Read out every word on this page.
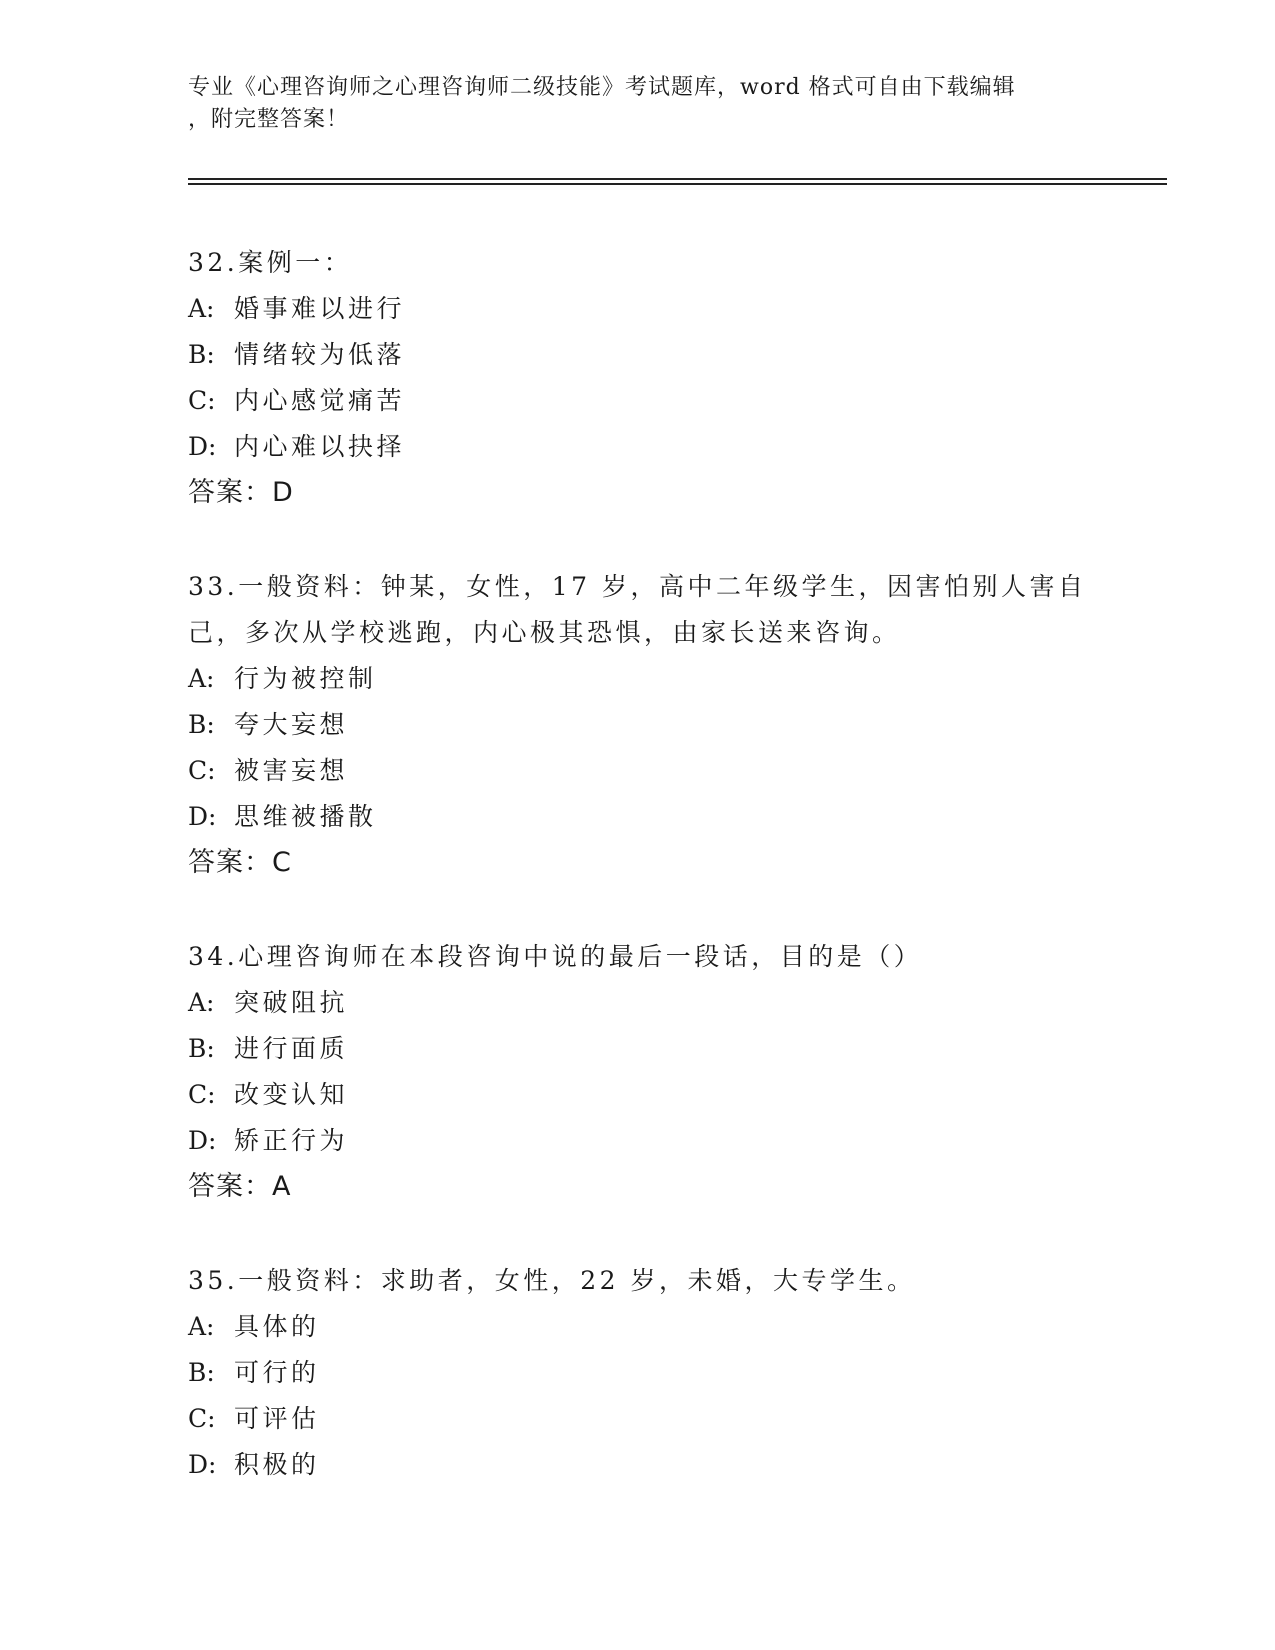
专业《心理咨询师之心理咨询师二级技能》考试题库，word 格式可自由下载编辑
，附完整答案！
32.案例一：
A: 婚事难以进行
B: 情绪较为低落
C: 内心感觉痛苦
D: 内心难以抉择
答案：D
33.一般资料：钟某，女性，17 岁，高中二年级学生，因害怕别人害自己，多次从学校逃跑，内心极其恐惧，由家长送来咨询。
A: 行为被控制
B: 夸大妄想
C: 被害妄想
D: 思维被播散
答案：C
34.心理咨询师在本段咨询中说的最后一段话，目的是（）
A: 突破阻抗
B: 进行面质
C: 改变认知
D: 矫正行为
答案：A
35.一般资料：求助者，女性，22 岁，未婚，大专学生。
A: 具体的
B: 可行的
C: 可评估
D: 积极的
